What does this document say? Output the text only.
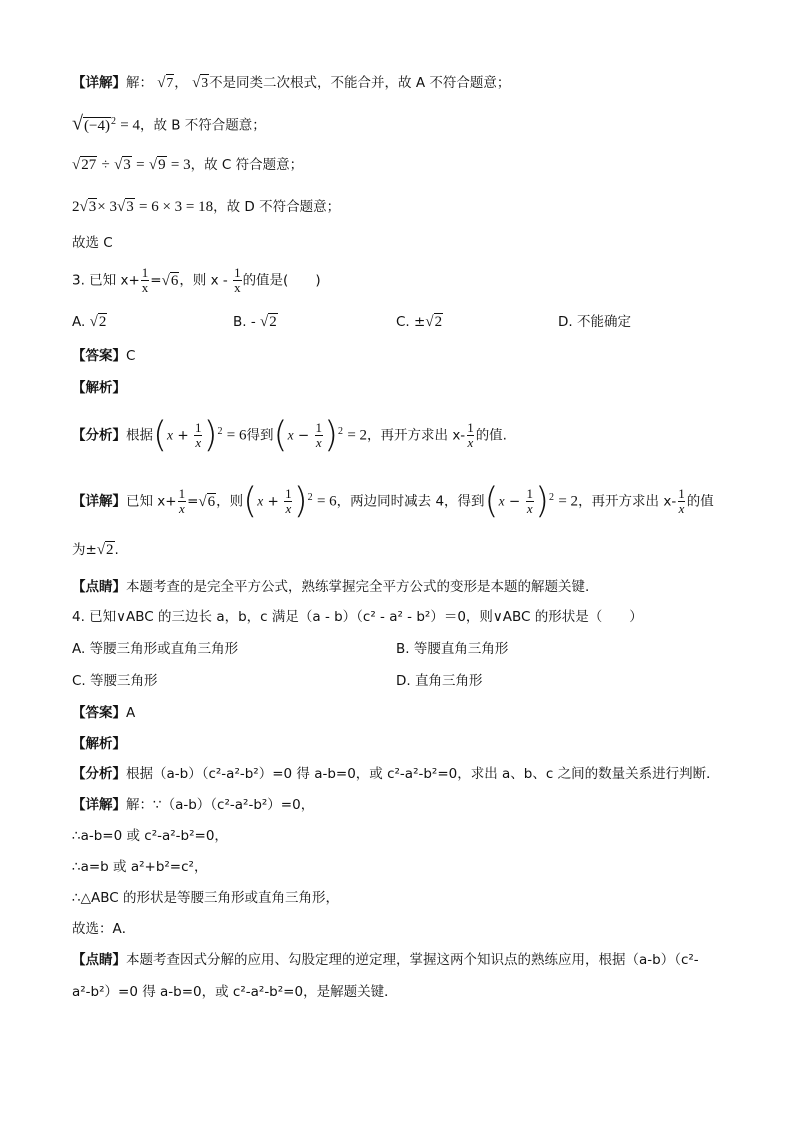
【详解】解： √7， √3不是同类二次根式，不能合并，故 A 不符合题意；
$√(-4)^2 = 4$，故 B 不符合题意；
√27 ÷ √3 = √9 = 3，故 C 符合题意；
2√3× 3√3 = 6 × 3 = 18，故 D 不符合题意；
故选 C
3. 已知 $x+ \frac{1}{x} =√6$，则 x - $\frac{1}{x}$ 的值是(　　)
A. √2	B. - √2	C. ±√2	D. 不能确定
【答案】C
【解析】
【分析】根据$(x + \frac{1}{x} )^2 = 6$得到$(x - \frac{1}{x} )^2 = 2$，再开方求出 $x- \frac{1}{x}$ 的值.
【详解】已知 $x+ \frac{1}{x} =√6$，则$(x + \frac{1}{x} )^2 = 6$，两边同时减去 4，得到$(x - \frac{1}{x} )^2 = 2$，再开方求出 $x- \frac{1}{x}$ 的值
为±√2.
【点睛】本题考查的是完全平方公式，熟练掌握完全平方公式的变形是本题的解题关键.
4. 已知∨ABC 的三边长 a，b，c 满足（a - b）（c² - a² - b²）＝0，则∨ABC 的形状是（　　）
A. 等腰三角形或直角三角形	B. 等腰直角三角形
C. 等腰三角形	D. 直角三角形
【答案】A
【解析】
【分析】根据（a-b）（c²-a²-b²）=0 得 a-b=0，或 c²-a²-b²=0，求出 a、b、c 之间的数量关系进行判断．
【详解】解：∵（a-b）（c²-a²-b²）=0，
∴a-b=0 或 c²-a²-b²=0，
∴a=b 或 a²+b²=c²，
∴△ABC 的形状是等腰三角形或直角三角形，
故选：A．
【点睛】本题考查因式分解的应用、勾股定理的逆定理，掌握这两个知识点的熟练应用，根据（a-b）（c²-
a²-b²）=0 得 a-b=0，或 c²-a²-b²=0，是解题关键．
